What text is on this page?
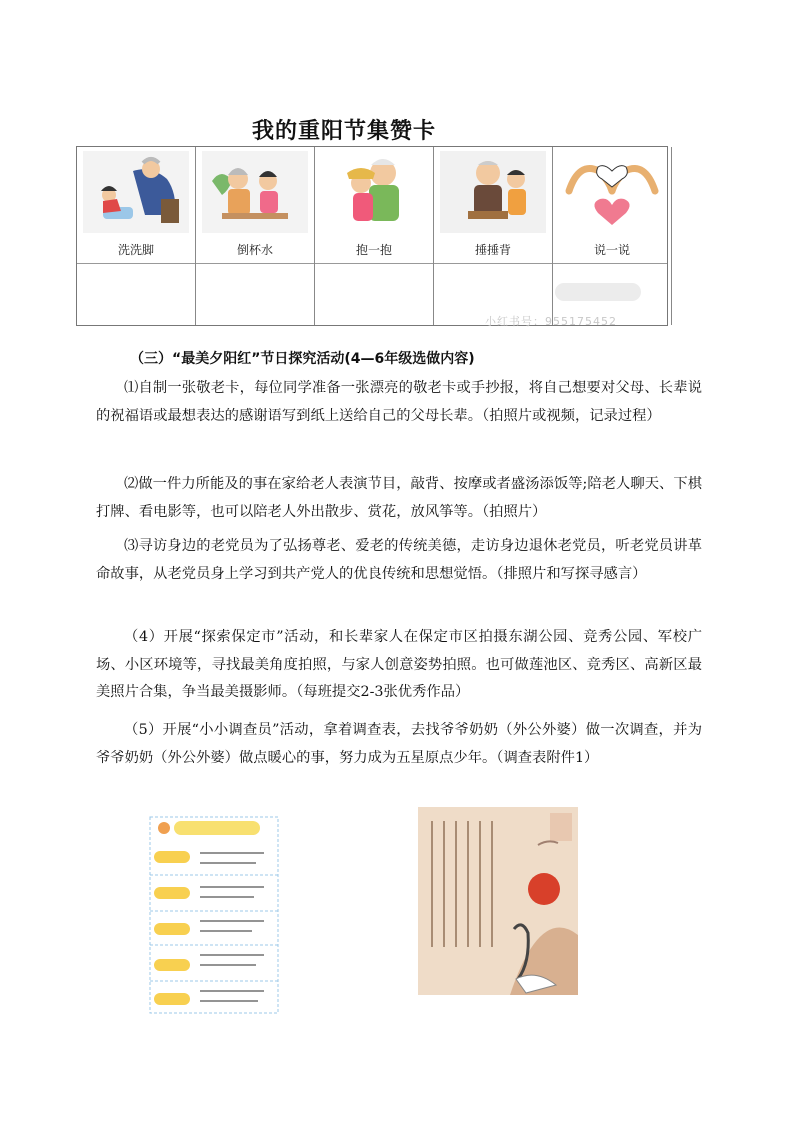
我的重阳节集赞卡
洗洗脚	倒杯水	抱一抱	捶捶背	说一说
小红书号：955175452
（三）“最美夕阳红”节日探究活动(4—6年级选做内容)

⑴自制一张敬老卡，每位同学准备一张漂亮的敬老卡或手抄报，将自己想要对父母、长辈说的祝福语或最想表达的感谢语写到纸上送给自己的父母长辈。（拍照片或视频，记录过程）

⑵做一件力所能及的事在家给老人表演节目，敲背、按摩或者盛汤添饭等;陪老人聊天、下棋打牌、看电影等，也可以陪老人外出散步、赏花，放风筝等。（拍照片）

⑶寻访身边的老党员为了弘扬尊老、爱老的传统美德，走访身边退休老党员，听老党员讲革命故事，从老党员身上学习到共产党人的优良传统和思想觉悟。（排照片和写探寻感言）

（4）开展“探索保定市”活动，和长辈家人在保定市区拍摄东湖公园、竞秀公园、军校广场、小区环境等，寻找最美角度拍照，与家人创意姿势拍照。也可做莲池区、竞秀区、高新区最美照片合集，争当最美摄影师。（每班提交2-3张优秀作品）

（5）开展“小小调查员”活动，拿着调查表，去找爷爷奶奶（外公外婆）做一次调查，并为爷爷奶奶（外公外婆）做点暖心的事，努力成为五星原点少年。（调查表附件1）
